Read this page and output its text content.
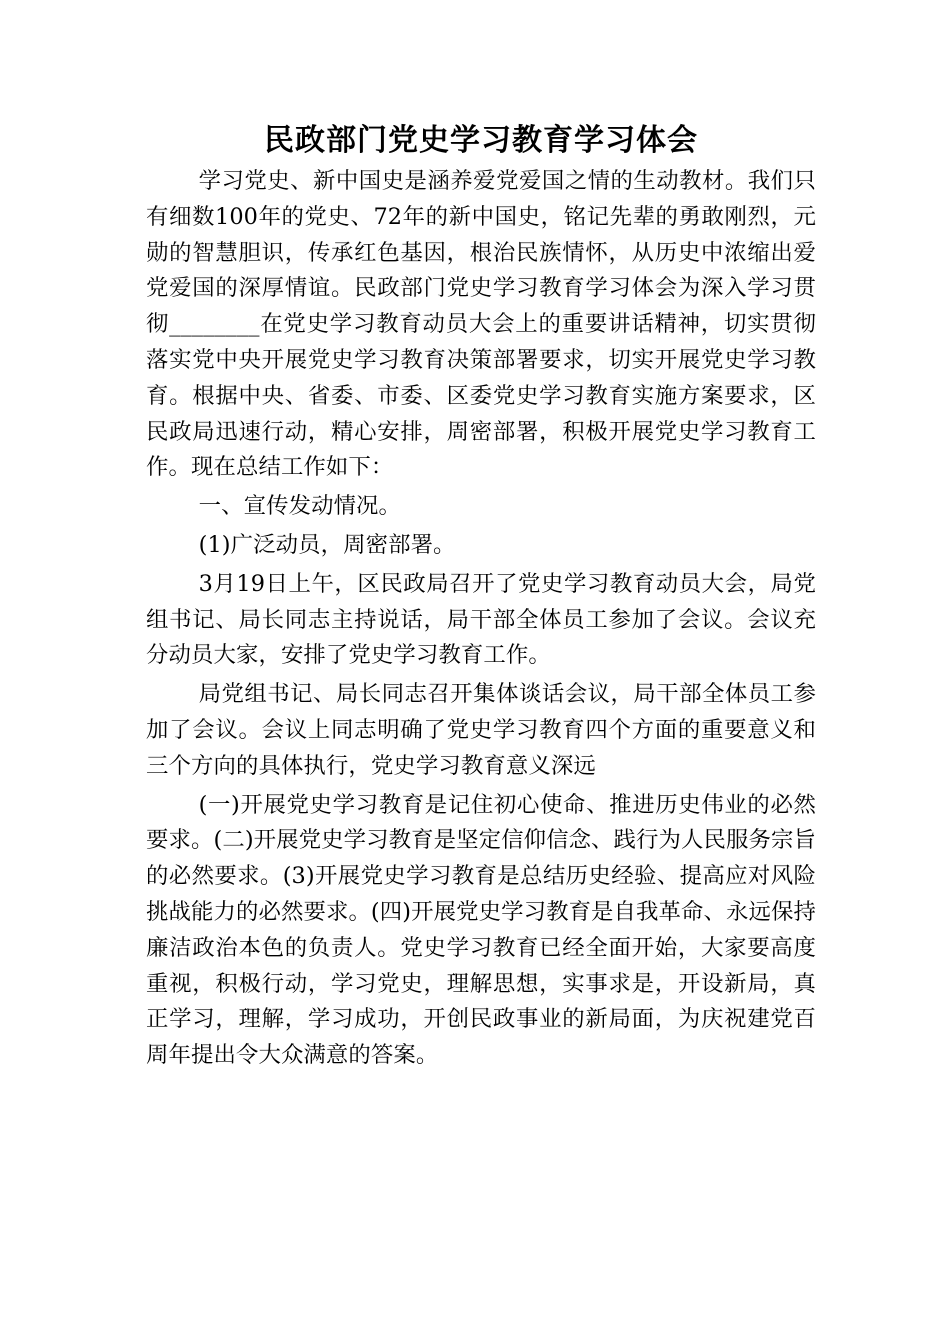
民政部门党史学习教育学习体会

学习党史、新中国史是涵养爱党爱国之情的生动教材。我们只有细数100年的党史、72年的新中国史，铭记先辈的勇敢刚烈，元勋的智慧胆识，传承红色基因，根治民族情怀，从历史中浓缩出爱党爱国的深厚情谊。民政部门党史学习教育学习体会为深入学习贯彻________在党史学习教育动员大会上的重要讲话精神，切实贯彻落实党中央开展党史学习教育决策部署要求，切实开展党史学习教育。根据中央、省委、市委、区委党史学习教育实施方案要求，区民政局迅速行动，精心安排，周密部署，积极开展党史学习教育工作。现在总结工作如下：

一、宣传发动情况。

(1)广泛动员，周密部署。

3月19日上午，区民政局召开了党史学习教育动员大会，局党组书记、局长同志主持说话，局干部全体员工参加了会议。会议充分动员大家，安排了党史学习教育工作。

局党组书记、局长同志召开集体谈话会议，局干部全体员工参加了会议。会议上同志明确了党史学习教育四个方面的重要意义和三个方向的具体执行，党史学习教育意义深远

(一)开展党史学习教育是记住初心使命、推进历史伟业的必然要求。(二)开展党史学习教育是坚定信仰信念、践行为人民服务宗旨的必然要求。(3)开展党史学习教育是总结历史经验、提高应对风险挑战能力的必然要求。(四)开展党史学习教育是自我革命、永远保持廉洁政治本色的负责人。党史学习教育已经全面开始，大家要高度重视，积极行动，学习党史，理解思想，实事求是，开设新局，真正学习，理解，学习成功，开创民政事业的新局面，为庆祝建党百周年提出令大众满意的答案。
